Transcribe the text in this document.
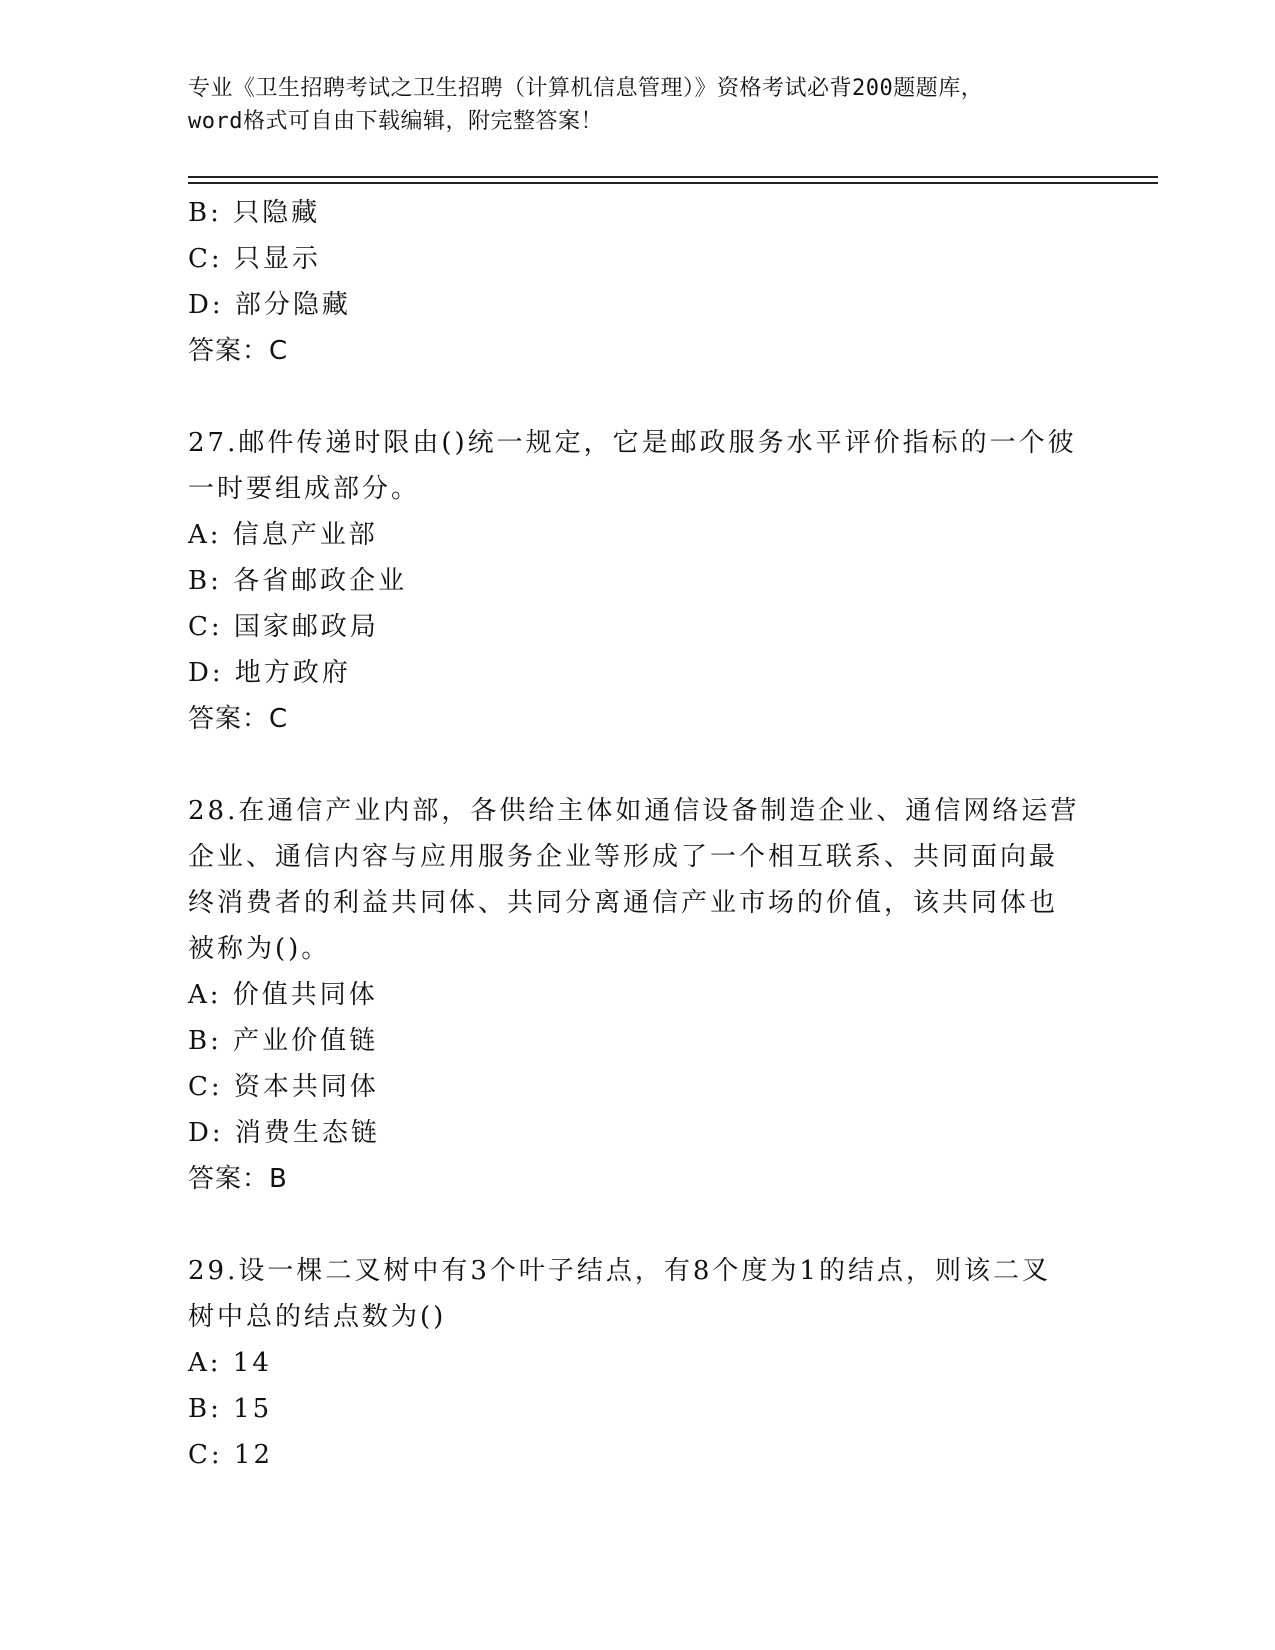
专业《卫生招聘考试之卫生招聘（计算机信息管理）》资格考试必背200题题库，
word格式可自由下载编辑，附完整答案！
B: 只隐藏
C: 只显示
D: 部分隐藏
答案：C
27.邮件传递时限由()统一规定，它是邮政服务水平评价指标的一个彼
一时要组成部分。
A: 信息产业部
B: 各省邮政企业
C: 国家邮政局
D: 地方政府
答案：C
28.在通信产业内部，各供给主体如通信设备制造企业、通信网络运营
企业、通信内容与应用服务企业等形成了一个相互联系、共同面向最
终消费者的利益共同体、共同分离通信产业市场的价值，该共同体也
被称为()。
A: 价值共同体
B: 产业价值链
C: 资本共同体
D: 消费生态链
答案：B
29.设一棵二叉树中有3个叶子结点，有8个度为1的结点，则该二叉
树中总的结点数为()
A: 14
B: 15
C: 12
